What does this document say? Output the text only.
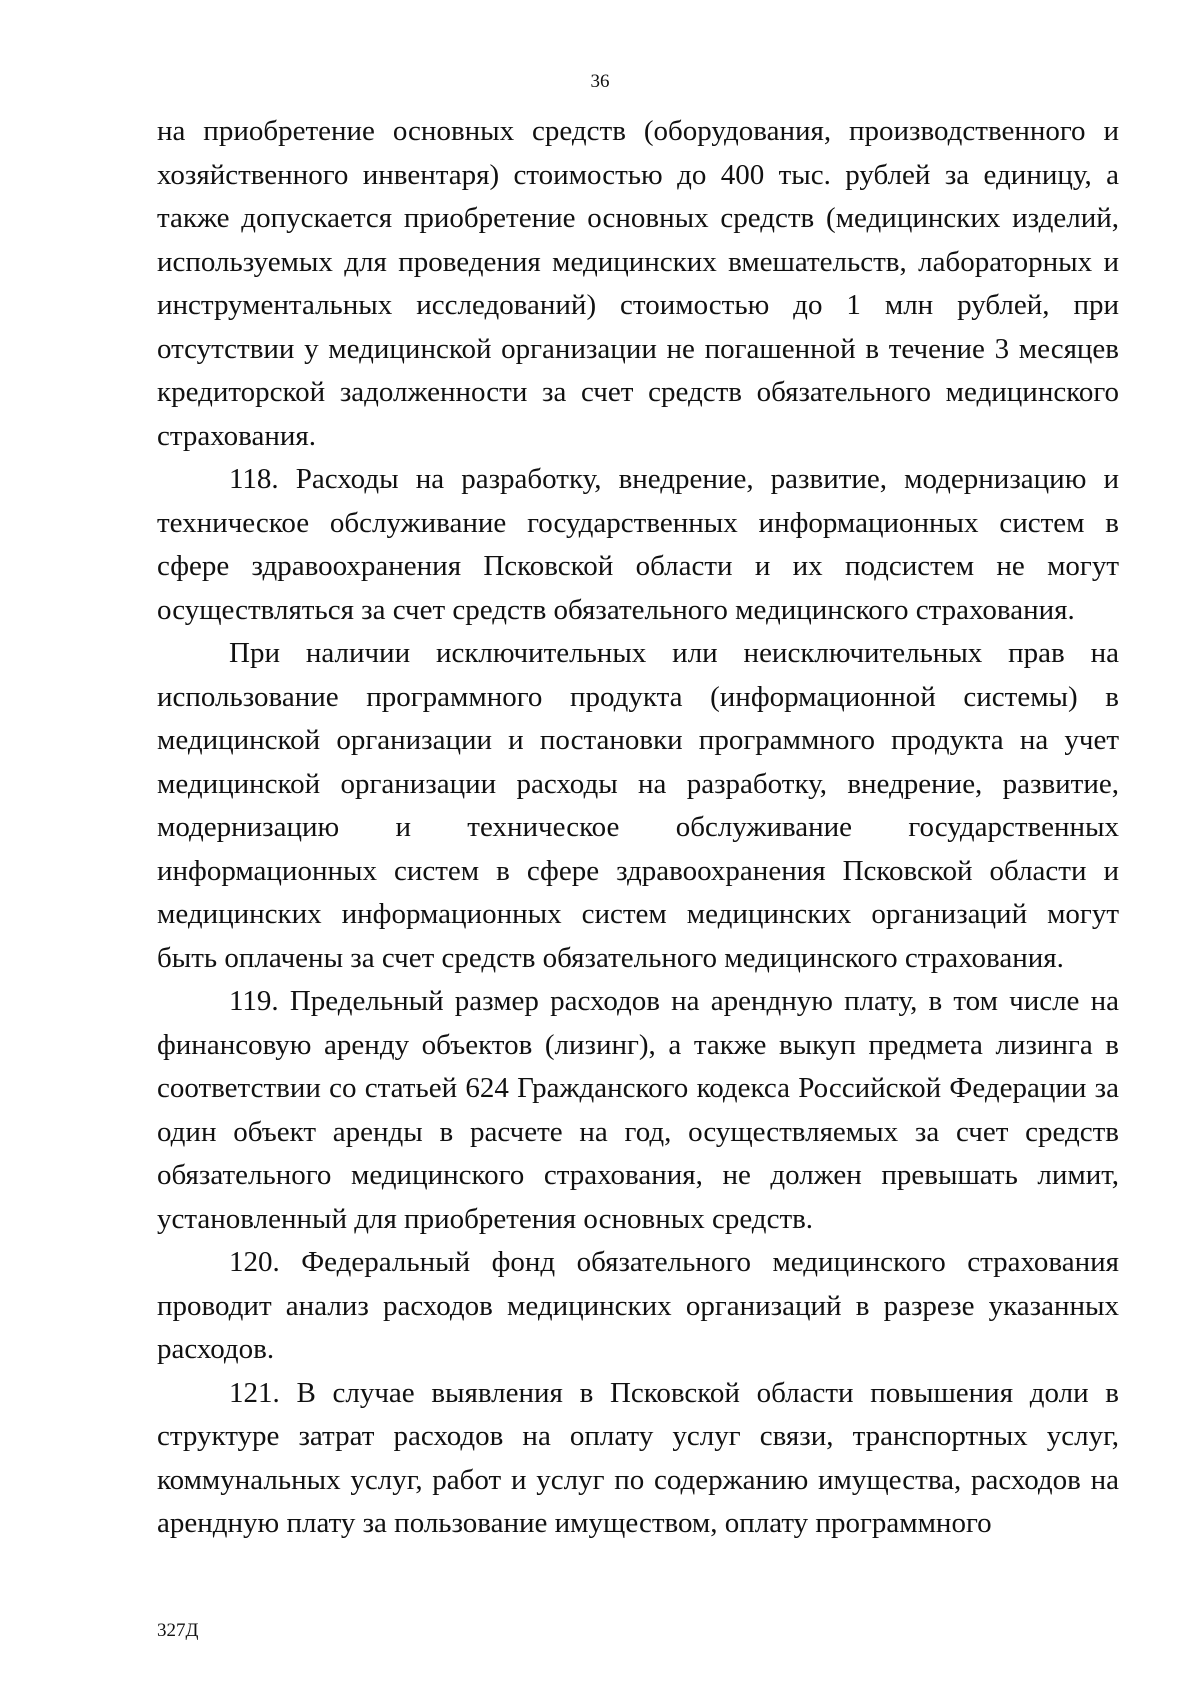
36

на приобретение основных средств (оборудования, производственного и хозяйственного инвентаря) стоимостью до 400 тыс. рублей за единицу, а также допускается приобретение основных средств (медицинских изделий, используемых для проведения медицинских вмешательств, лабораторных и инструментальных исследований) стоимостью до 1 млн рублей, при отсутствии у медицинской организации не погашенной в течение 3 месяцев кредиторской задолженности за счет средств обязательного медицинского страхования.

118. Расходы на разработку, внедрение, развитие, модернизацию и техническое обслуживание государственных информационных систем в сфере здравоохранения Псковской области и их подсистем не могут осуществляться за счет средств обязательного медицинского страхования.

При наличии исключительных или неисключительных прав на использование программного продукта (информационной системы) в медицинской организации и постановки программного продукта на учет медицинской организации расходы на разработку, внедрение, развитие, модернизацию и техническое обслуживание государственных информационных систем в сфере здравоохранения Псковской области и медицинских информационных систем медицинских организаций могут быть оплачены за счет средств обязательного медицинского страхования.

119. Предельный размер расходов на арендную плату, в том числе на финансовую аренду объектов (лизинг), а также выкуп предмета лизинга в соответствии со статьей 624 Гражданского кодекса Российской Федерации за один объект аренды в расчете на год, осуществляемых за счет средств обязательного медицинского страхования, не должен превышать лимит, установленный для приобретения основных средств.

120. Федеральный фонд обязательного медицинского страхования проводит анализ расходов медицинских организаций в разрезе указанных расходов.

121. В случае выявления в Псковской области повышения доли в структуре затрат расходов на оплату услуг связи, транспортных услуг, коммунальных услуг, работ и услуг по содержанию имущества, расходов на арендную плату за пользование имуществом, оплату программного

327Д
